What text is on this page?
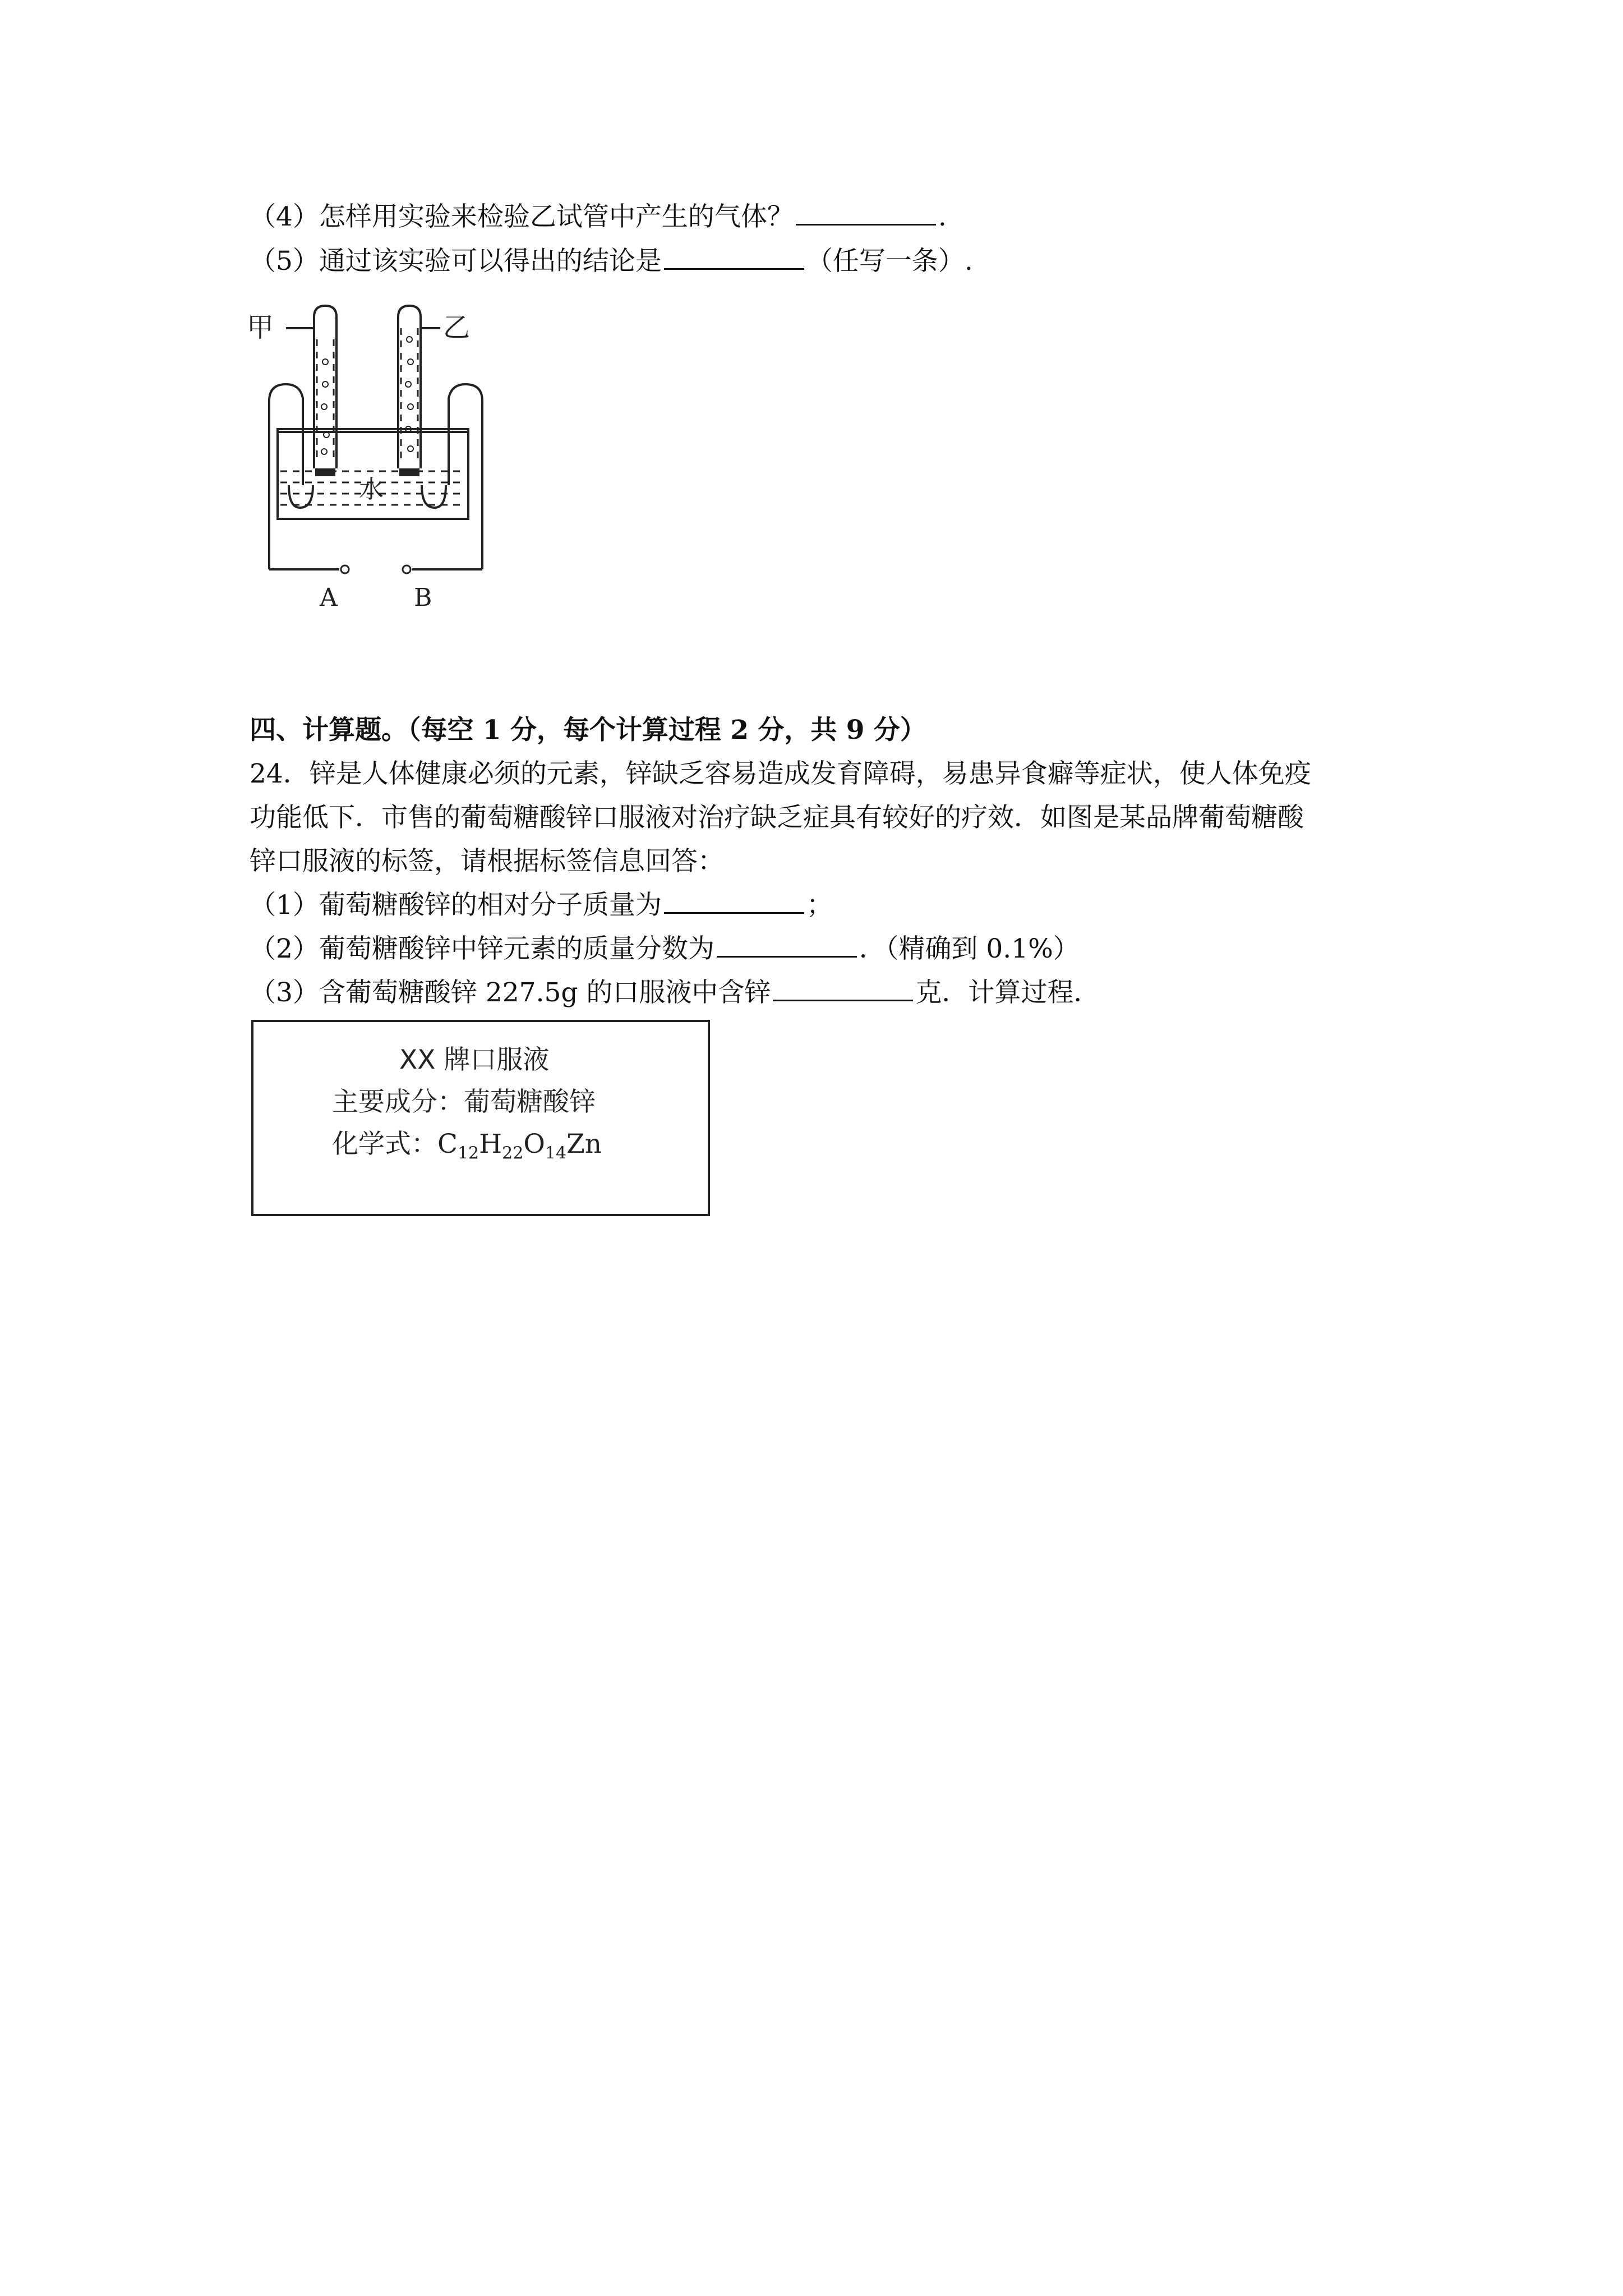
（4）怎样用实验来检验乙试管中产生的气体？	.
（5）通过该实验可以得出的结论是	（任写一条）.
甲	乙
水
A	B
四、计算题。（每空 1 分，每个计算过程 2 分，共 9 分）
24．锌是人体健康必须的元素，锌缺乏容易造成发育障碍，易患异食癖等症状，使人体免疫
功能低下．市售的葡萄糖酸锌口服液对治疗缺乏症具有较好的疗效．如图是某品牌葡萄糖酸
锌口服液的标签，请根据标签信息回答：
（1）葡萄糖酸锌的相对分子质量为	；
（2）葡萄糖酸锌中锌元素的质量分数为	．（精确到 0.1%）
（3）含葡萄糖酸锌 227.5g 的口服液中含锌	克．计算过程．
XX 牌口服液
主要成分：葡萄糖酸锌
化学式：$C_{12}H_{22}O_{14}Zn$
